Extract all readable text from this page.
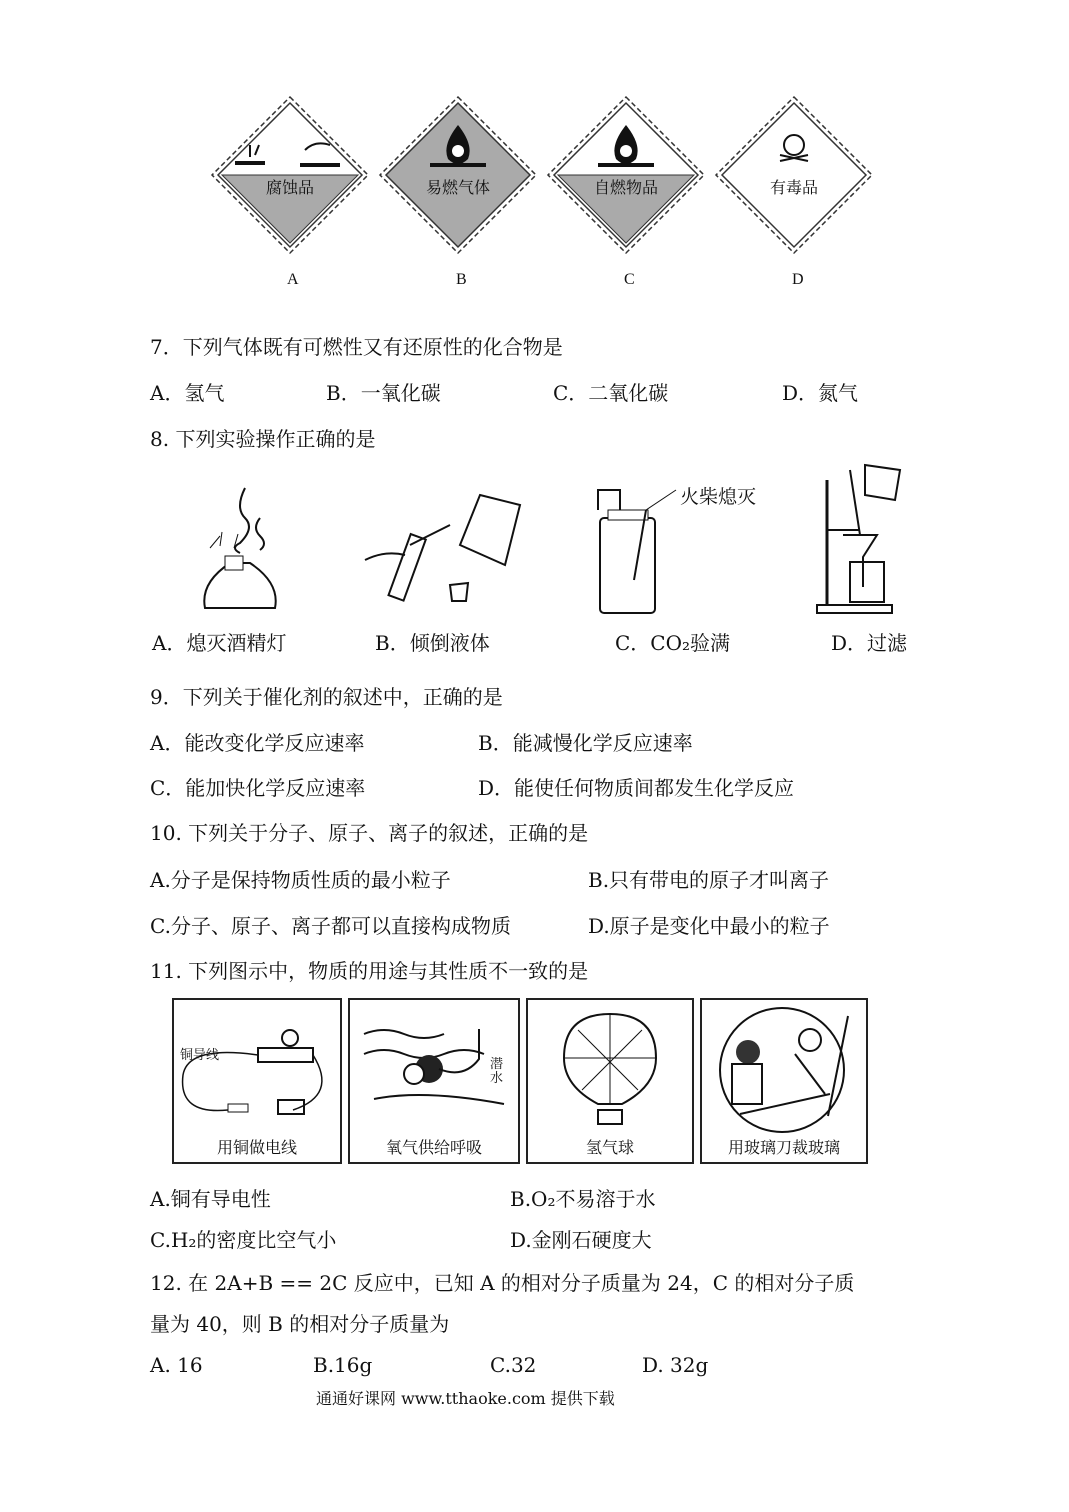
腐蚀品	易燃气体	自燃物品	有毒品
A	B	C	D
7．下列气体既有可燃性又有还原性的化合物是
A．氢气	B．一氧化碳	C．二氧化碳	D．氮气
8. 下列实验操作正确的是
火柴熄灭
A．熄灭酒精灯	B．倾倒液体	C．CO₂验满	D．过滤
9．下列关于催化剂的叙述中，正确的是
A．能改变化学反应速率	B．能减慢化学反应速率
C．能加快化学反应速率	D．能使任何物质间都发生化学反应
10. 下列关于分子、原子、离子的叙述，正确的是
A.分子是保持物质性质的最小粒子	B.只有带电的原子才叫离子
C.分子、原子、离子都可以直接构成物质	D.原子是变化中最小的粒子
11. 下列图示中，物质的用途与其性质不一致的是
铜导线
用铜做电线
潜水
氧气供给呼吸	氢气球	用玻璃刀裁玻璃
A.铜有导电性	B.O₂不易溶于水
C.H₂的密度比空气小	D.金刚石硬度大
12. 在 2A+B == 2C 反应中，已知 A 的相对分子质量为 24，C 的相对分子质
量为 40，则 B 的相对分子质量为
A. 16	B.16g	C.32	D. 32g
通通好课网 www.tthaoke.com 提供下载
